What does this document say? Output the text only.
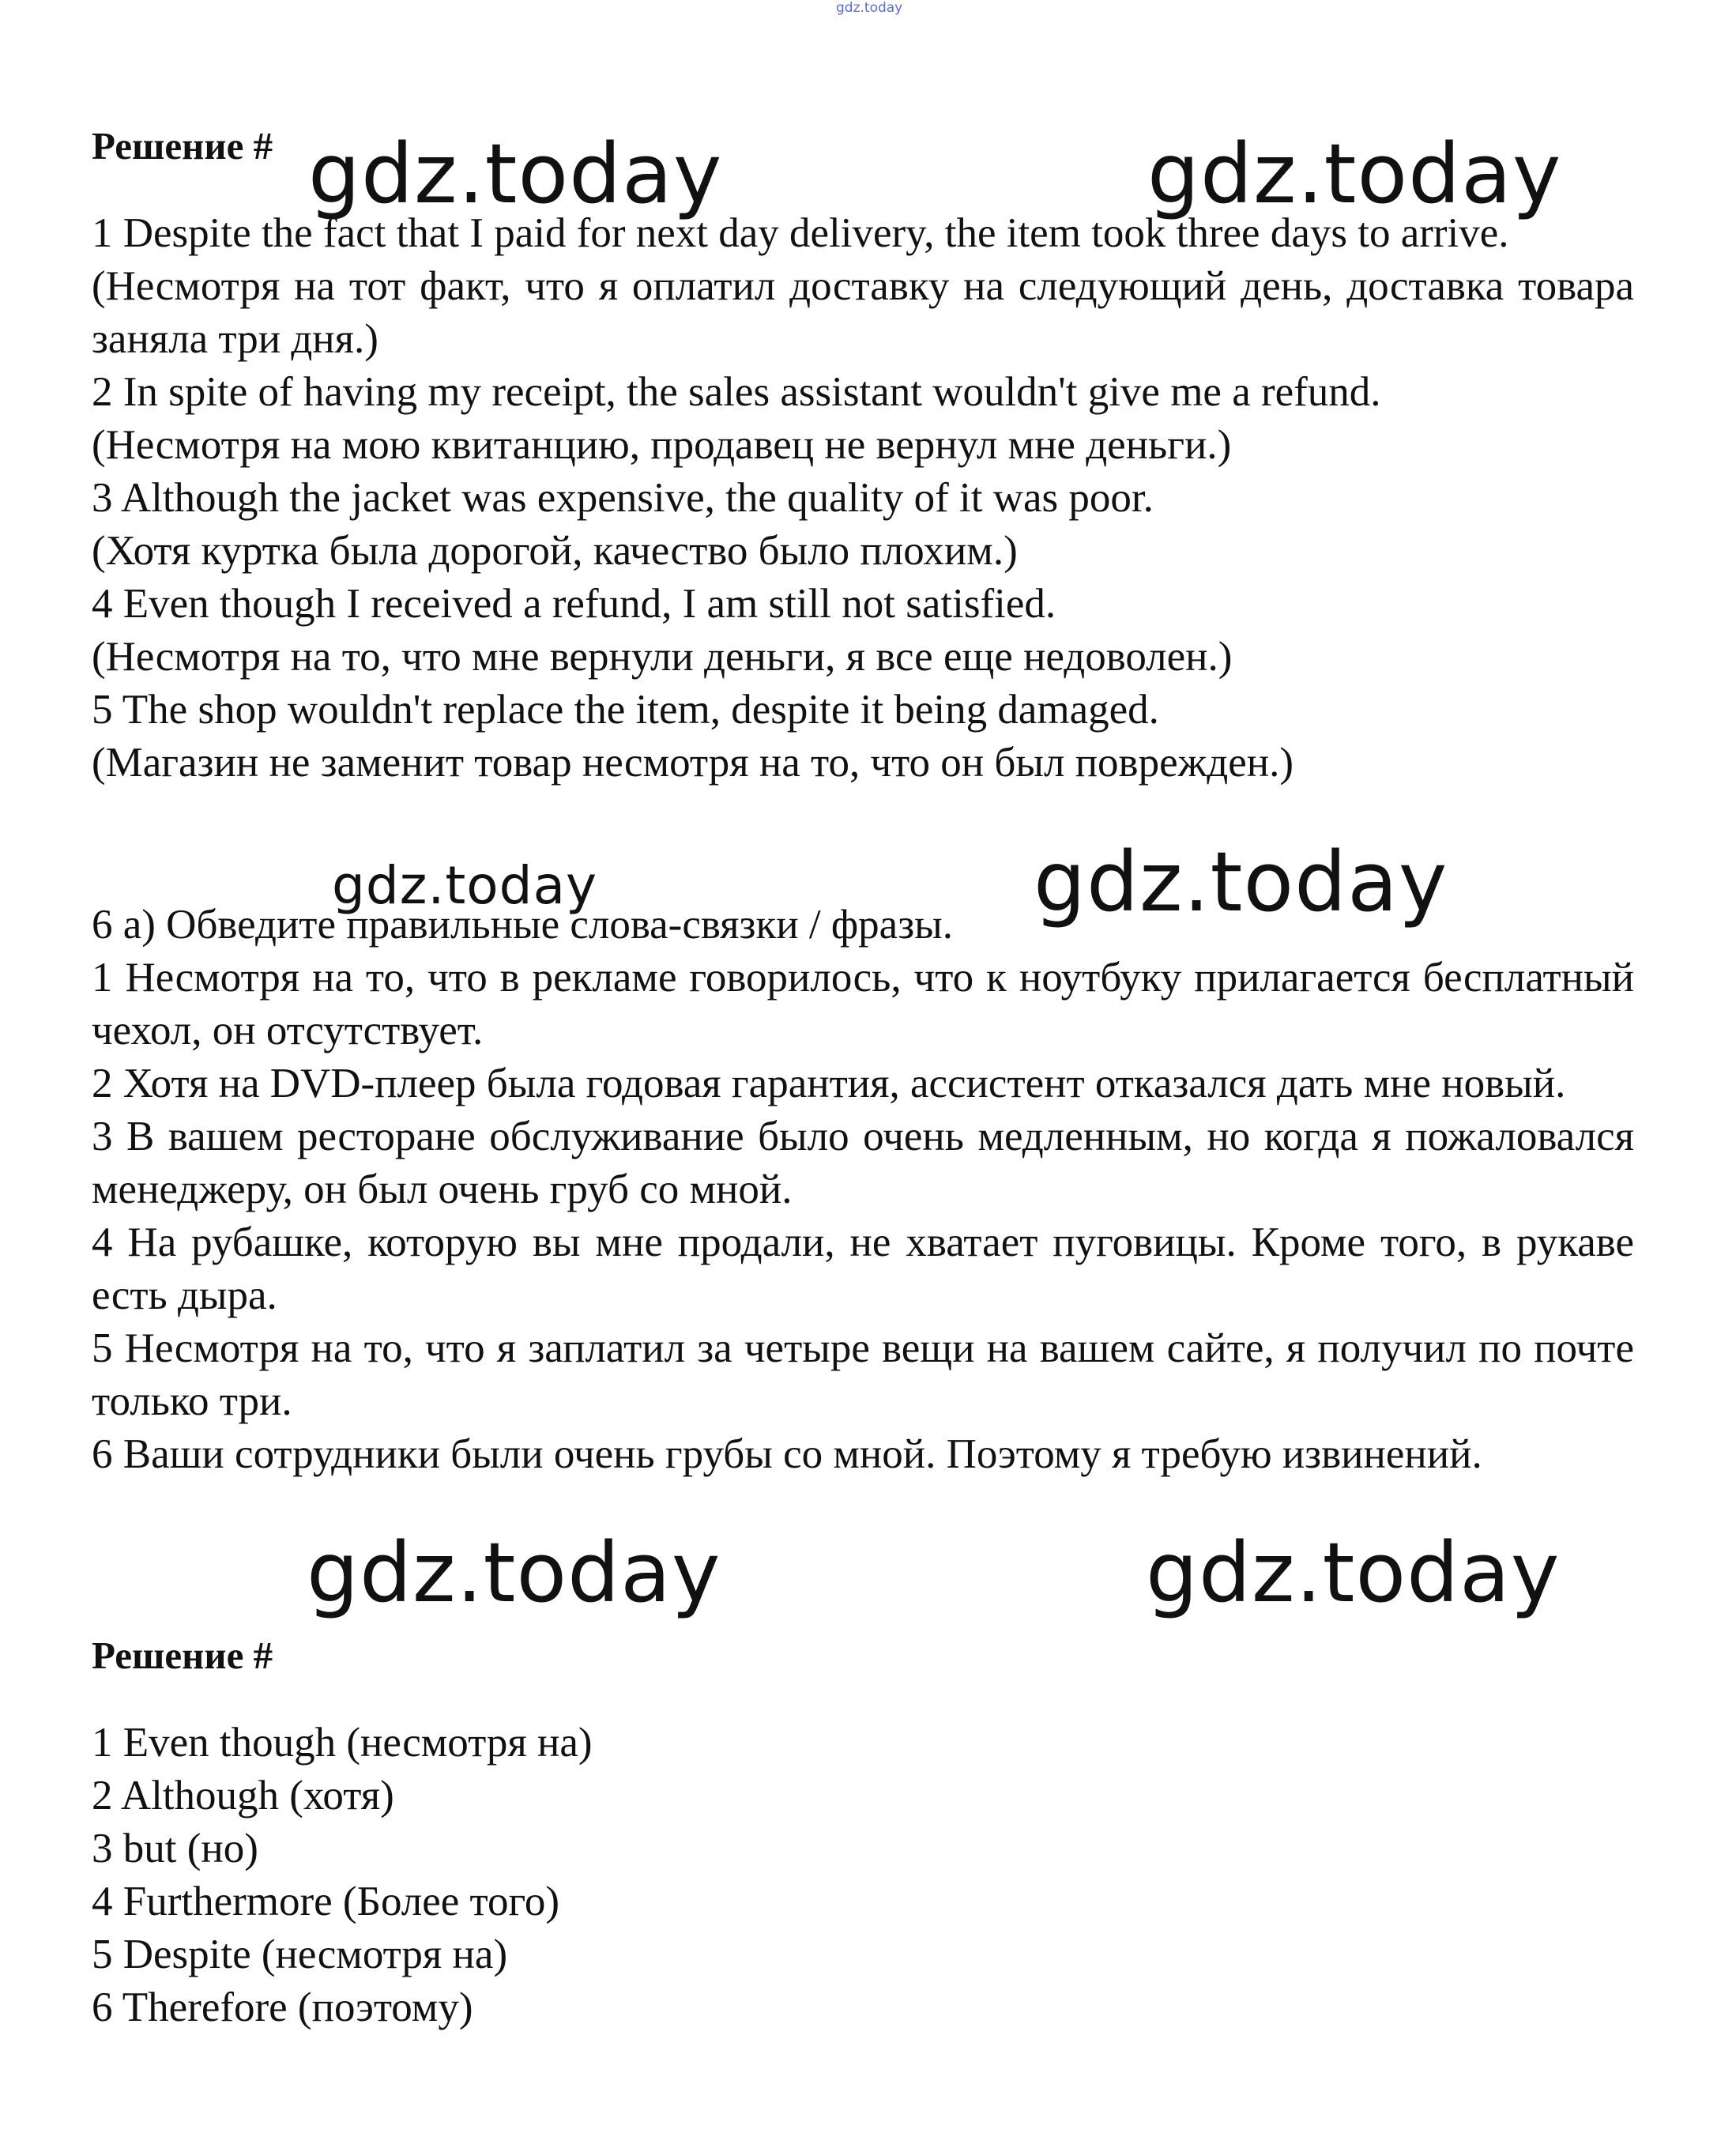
gdz.today
Решение #

1 Despite the fact that I paid for next day delivery, the item took three days to arrive.

(Несмотря на тот факт, что я оплатил доставку на следующий день, доставка товара заняла три дня.)

2 In spite of having my receipt, the sales assistant wouldn't give me a refund.

(Несмотря на мою квитанцию, продавец не вернул мне деньги.)

3 Although the jacket was expensive, the quality of it was poor.

(Хотя куртка была дорогой, качество было плохим.)

4 Even though I received a refund, I am still not satisfied.

(Несмотря на то, что мне вернули деньги, я все еще недоволен.)

5 The shop wouldn't replace the item, despite it being damaged.

(Магазин не заменит товар несмотря на то, что он был поврежден.)

6 a) Обведите правильные слова-связки / фразы.

1 Несмотря на то, что в рекламе говорилось, что к ноутбуку прилагается бесплатный чехол, он отсутствует.

2 Хотя на DVD-плеер была годовая гарантия, ассистент отказался дать мне новый.

3 В вашем ресторане обслуживание было очень медленным, но когда я пожаловался менеджеру, он был очень груб со мной.

4 На рубашке, которую вы мне продали, не хватает пуговицы. Кроме того, в рукаве есть дыра.

5 Несмотря на то, что я заплатил за четыре вещи на вашем сайте, я получил по почте только три.

6 Ваши сотрудники были очень грубы со мной. Поэтому я требую извинений.

Решение #

1 Even though (несмотря на)

2 Although (хотя)

3 but (но)

4 Furthermore (Более того)

5 Despite (несмотря на)

6 Therefore (поэтому)

gdz.today	gdz.today
gdz.today	gdz.today
gdz.today	gdz.today
